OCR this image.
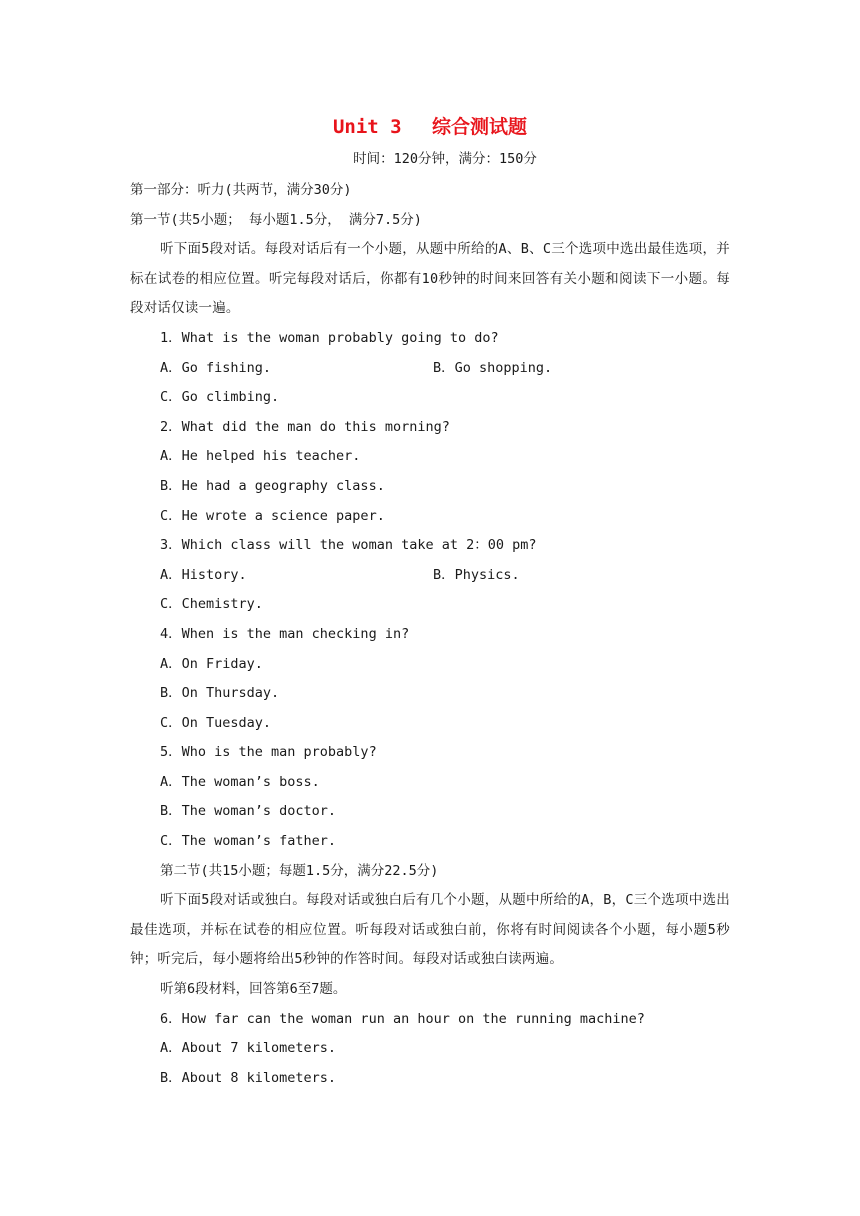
Unit 3　 综合测试题
时间：120分钟，满分：150分
第一部分：听力(共两节，满分30分)
第一节(共5小题； 每小题1.5分， 满分7.5分)
听下面5段对话。每段对话后有一个小题，从题中所给的A、B、C三个选项中选出最佳选项，并标在试卷的相应位置。听完每段对话后，你都有10秒钟的时间来回答有关小题和阅读下一小题。每段对话仅读一遍。
1．What is the woman probably going to do?
A．Go fishing.	B．Go shopping.
C．Go climbing.
2．What did the man do this morning?
A．He helped his teacher.
B．He had a geography class.
C．He wrote a science paper.
3．Which class will the woman take at 2：00 pm?
A．History.	B．Physics.
C．Chemistry.
4．When is the man checking in?
A．On Friday.
B．On Thursday.
C．On Tuesday.
5．Who is the man probably?
A．The woman’s boss.
B．The woman’s doctor.
C．The woman’s father.
第二节(共15小题；每题1.5分，满分22.5分)
听下面5段对话或独白。每段对话或独白后有几个小题，从题中所给的A，B，C三个选项中选出最佳选项，并标在试卷的相应位置。听每段对话或独白前，你将有时间阅读各个小题，每小题5秒钟；听完后，每小题将给出5秒钟的作答时间。每段对话或独白读两遍。
听第6段材料，回答第6至7题。
6．How far can the woman run an hour on the running machine?
A．About 7 kilometers.
B．About 8 kilometers.
